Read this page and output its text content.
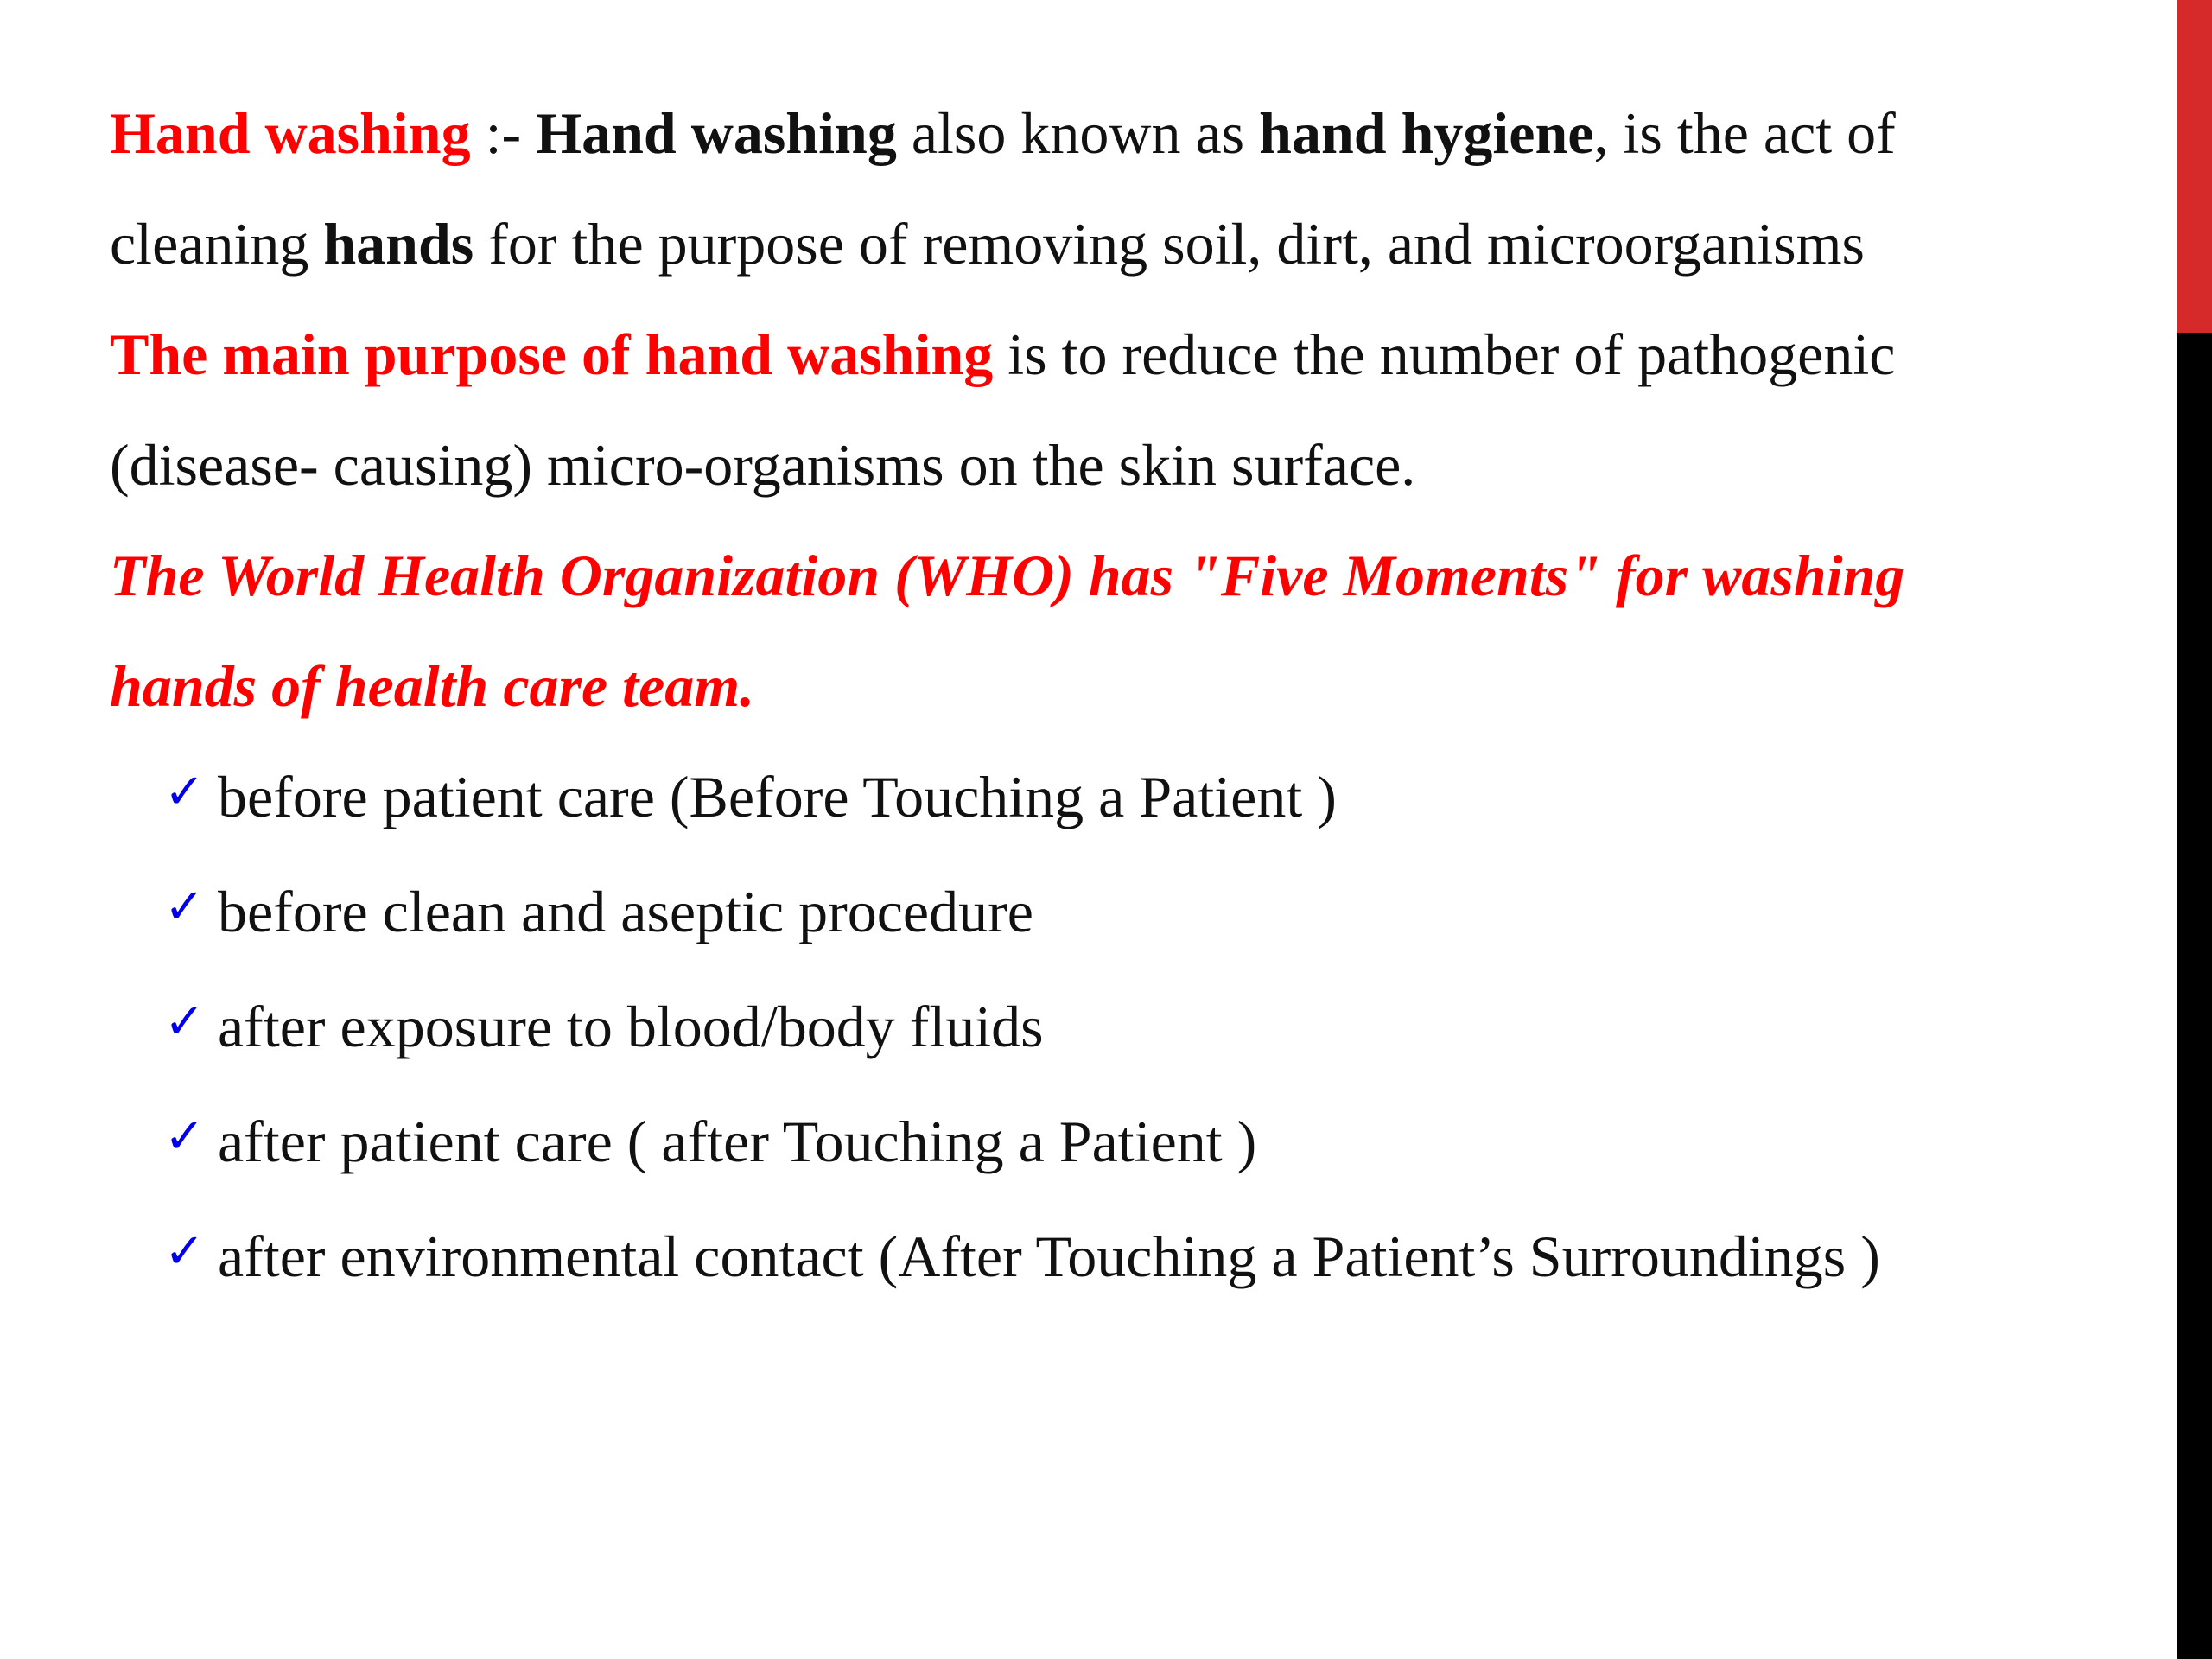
Hand washing :- Hand washing also known as hand hygiene, is the act of

cleaning hands for the purpose of removing soil, dirt, and microorganisms

The main purpose of hand washing is to reduce the number of pathogenic

(disease- causing) micro-organisms on the skin surface.

The World Health Organization (WHO) has "Five Moments" for washing

hands of health care team.

✓ before patient care (Before Touching a Patient )
✓ before clean and aseptic procedure
✓ after exposure to blood/body fluids
✓ after patient care ( after Touching a Patient )
✓ after environmental contact (After Touching a Patient’s Surroundings )
